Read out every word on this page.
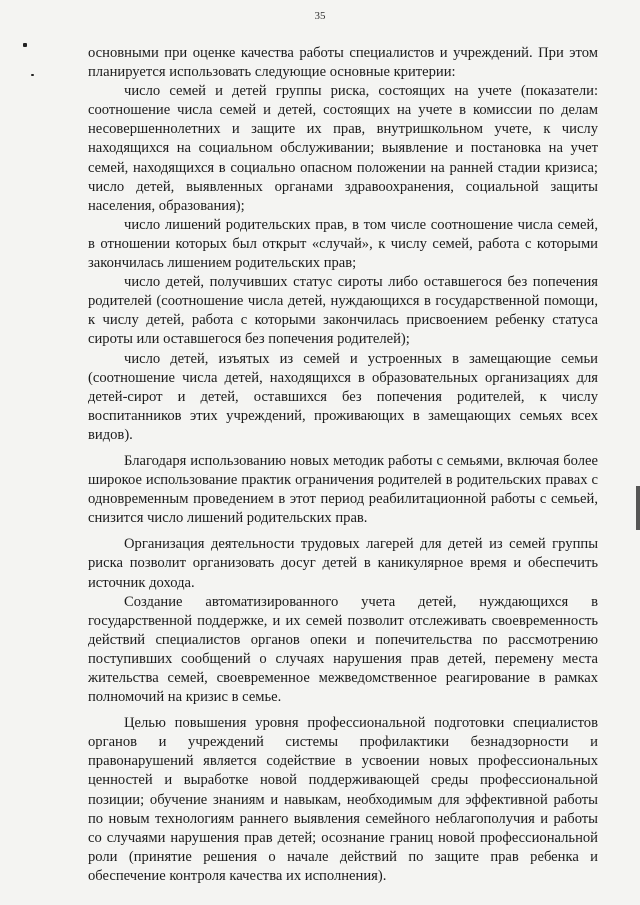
35

основными при оценке качества работы специалистов и учреждений. При этом планируется использовать следующие основные критерии:

число семей и детей группы риска, состоящих на учете (показатели: соотношение числа семей и детей, состоящих на учете в комиссии по делам несовершеннолетних и защите их прав, внутришкольном учете, к числу находящихся на социальном обслуживании; выявление и постановка на учет семей, находящихся в социально опасном положении на ранней стадии кризиса; число детей, выявленных органами здравоохранения, социальной защиты населения, образования);

число лишений родительских прав, в том числе соотношение числа семей, в отношении которых был открыт «случай», к числу семей, работа с которыми закончилась лишением родительских прав;

число детей, получивших статус сироты либо оставшегося без попечения родителей (соотношение числа детей, нуждающихся в государственной помощи, к числу детей, работа с которыми закончилась присвоением ребенку статуса сироты или оставшегося без попечения родителей);

число детей, изъятых из семей и устроенных в замещающие семьи (соотношение числа детей, находящихся в образовательных организациях для детей-сирот и детей, оставшихся без попечения родителей, к числу воспитанников этих учреждений, проживающих в замещающих семьях всех видов).

Благодаря использованию новых методик работы с семьями, включая более широкое использование практик ограничения родителей в родительских правах с одновременным проведением в этот период реабилитационной работы с семьей, снизится число лишений родительских прав.

Организация деятельности трудовых лагерей для детей из семей группы риска позволит организовать досуг детей в каникулярное время и обеспечить источник дохода.

Создание автоматизированного учета детей, нуждающихся в государственной поддержке, и их семей позволит отслеживать своевременность действий специалистов органов опеки и попечительства по рассмотрению поступивших сообщений о случаях нарушения прав детей, перемену места жительства семей, своевременное межведомственное реагирование в рамках полномочий на кризис в семье.

Целью повышения уровня профессиональной подготовки специалистов органов и учреждений системы профилактики безнадзорности и правонарушений является содействие в усвоении новых профессиональных ценностей и выработке новой поддерживающей среды профессиональной позиции; обучение знаниям и навыкам, необходимым для эффективной работы по новым технологиям раннего выявления семейного неблагополучия и работы со случаями нарушения прав детей; осознание границ новой профессиональной роли (принятие решения о начале действий по защите прав ребенка и обеспечение контроля качества их исполнения).
